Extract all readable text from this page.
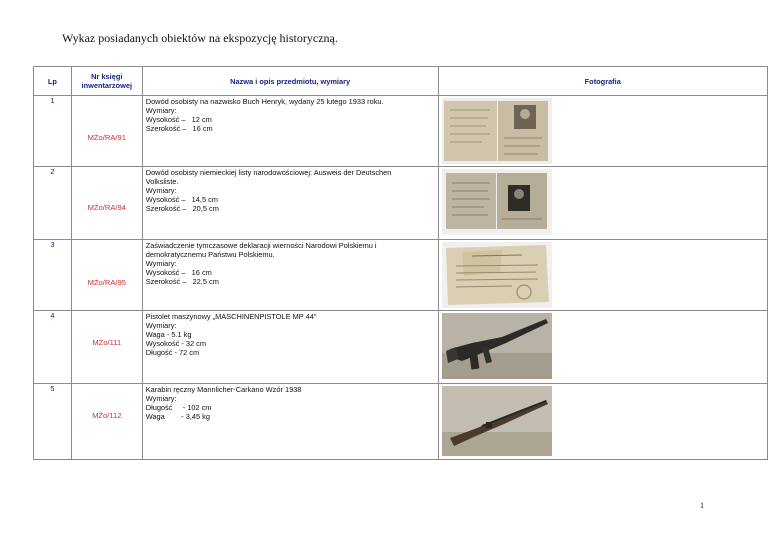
Wykaz posiadanych obiektów na ekspozycję historyczną.
Lp	Nr księgi inwentarzowej	Nazwa i opis przedmiotu, wymiary	Fotografia
1	MŻo/RA/91	Dowód osobisty na nazwisko Buch Henryk, wydany 25 lutego 1933 roku.
Wymiary:
Wysokość –   12 cm
Szerokość –   16 cm

2	MŻo/RA/94	Dowód osobisty niemieckiej listy narodowościowej: Ausweis der Deutschen
Volksliste.
Wymiary:
Wysokość –   14,5 cm
Szerokość –   20,5 cm

3	MŻo/RA/95	Zaświadczenie tymczasowe deklaracji wierności Narodowi Polskiemu i
demokratycznemu Państwu Polskiemu.
Wymiary:
Wysokość –   16 cm
Szerokość –   22,5 cm

4	MŻo/111	Pistolet maszynowy „MASCHINENPISTOLE MP 44"
Wymiary:
Waga - 5.1 kg
Wysokość - 32 cm
Długość - 72 cm

5	MŻo/112	Karabin ręczny Mannlicher-Carkano Wzór 1938
Wymiary:
Długość     - 102 cm
Waga        - 3,45 kg

1
